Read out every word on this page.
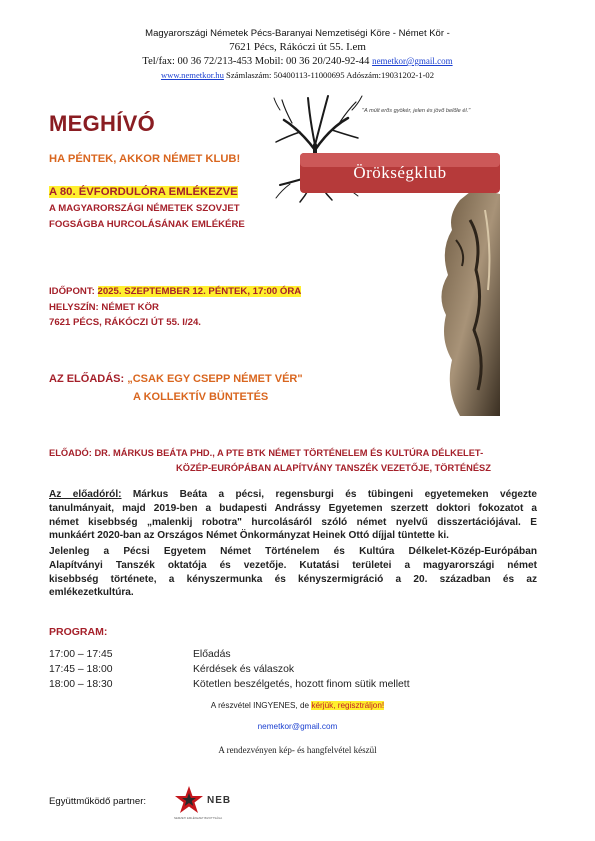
Magyarországi Németek Pécs-Baranyai Nemzetiségi Köre - Német Kör -
7621 Pécs, Rákóczi út 55. I.em
Tel/fax: 00 36 72/213-453 Mobil: 00 36 20/240-92-44 nemetkor@gmail.com
www.nemetkor.hu Számlaszám: 50400113-11000695 Adószám:19031202-1-02
MEGHÍVÓ
HA PÉNTEK, AKKOR NÉMET KLUB!
A 80. ÉVFORDULÓRA EMLÉKEZVE
A MAGYARORSZÁGI NÉMETEK SZOVJET
FOGSÁGBA HURCOLÁSÁNAK EMLÉKÉRE
"A múlt erős gyökér, jelen és jövő belőle él."
Örökségklub
IDŐPONT: 2025. SZEPTEMBER 12. PÉNTEK, 17:00 ÓRA
HELYSZÍN: NÉMET KÖR
7621 PÉCS, RÁKÓCZI ÚT 55. I/24.
AZ ELŐADÁS: „CSAK EGY CSEPP NÉMET VÉR"
A KOLLEKTÍV BÜNTETÉS
ELŐADÓ: DR. MÁRKUS BEÁTA PHD., A PTE BTK NÉMET TÖRTÉNELEM ÉS KULTÚRA DÉLKELET-
KÖZÉP-EURÓPÁBAN ALAPÍTVÁNY TANSZÉK VEZETŐJE, TÖRTÉNÉSZ
Az előadóról: Márkus Beáta a pécsi, regensburgi és tübingeni egyetemeken végezte
tanulmányait, majd 2019-ben a budapesti Andrássy Egyetemen szerzett doktori fokozatot a
német kisebbség „malenkij robotra" hurcolásáról szóló német nyelvű disszertációjával. E
munkáért 2020-ban az Országos Német Önkormányzat Heinek Ottó díjjal tüntette ki.
Jelenleg a Pécsi Egyetem Német Történelem és Kultúra Délkelet-Közép-Európában
Alapítványi Tanszék oktatója és vezetője. Kutatási területei a magyarországi német
kisebbség története, a kényszermunka és kényszermigráció a 20. században és az
emlékezetkultúra.
PROGRAM:
17:00 – 17:45	Előadás
17:45 – 18:00	Kérdések és válaszok
18:00 – 18:30	Kötetlen beszélgetés, hozott finom sütik mellett
A részvétel INGYENES, de kérjük, regisztráljon!
nemetkor@gmail.com
A rendezvényen kép- és hangfelvétel készül
Együttműködő partner:	NEB
NEMZETI EMLÉKEZET BIZOTTSÁGA
